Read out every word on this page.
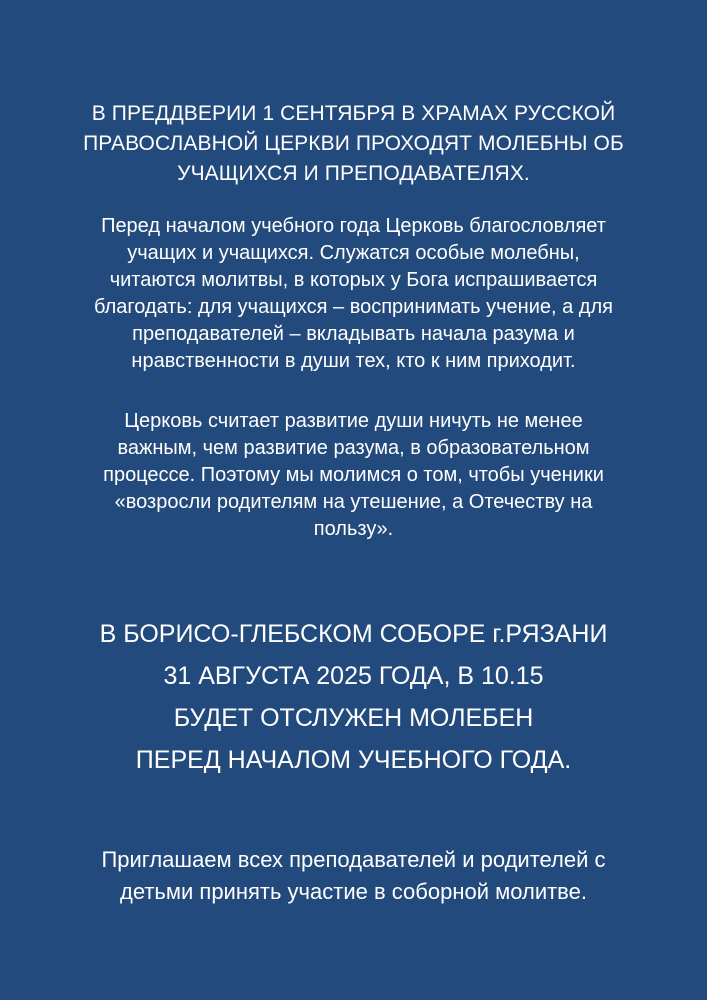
В ПРЕДДВЕРИИ 1 СЕНТЯБРЯ В ХРАМАХ РУССКОЙ
ПРАВОСЛАВНОЙ ЦЕРКВИ ПРОХОДЯТ МОЛЕБНЫ ОБ
УЧАЩИХСЯ И ПРЕПОДАВАТЕЛЯХ.
Перед началом учебного года Церковь благословляет
учащих и учащихся. Служатся особые молебны,
читаются молитвы, в которых у Бога испрашивается
благодать: для учащихся – воспринимать учение, а для
преподавателей – вкладывать начала разума и
нравственности в души тех, кто к ним приходит.
Церковь считает развитие души ничуть не менее
важным, чем развитие разума, в образовательном
процессе. Поэтому мы молимся о том, чтобы ученики
«возросли родителям на утешение, а Отечеству на
пользу».
В БОРИСО-ГЛЕБСКОМ СОБОРЕ г.РЯЗАНИ
31 АВГУСТА 2025 ГОДА, В 10.15
БУДЕТ ОТСЛУЖЕН МОЛЕБЕН
ПЕРЕД НАЧАЛОМ УЧЕБНОГО ГОДА.
Приглашаем всех преподавателей и родителей с
детьми принять участие в соборной молитве.
